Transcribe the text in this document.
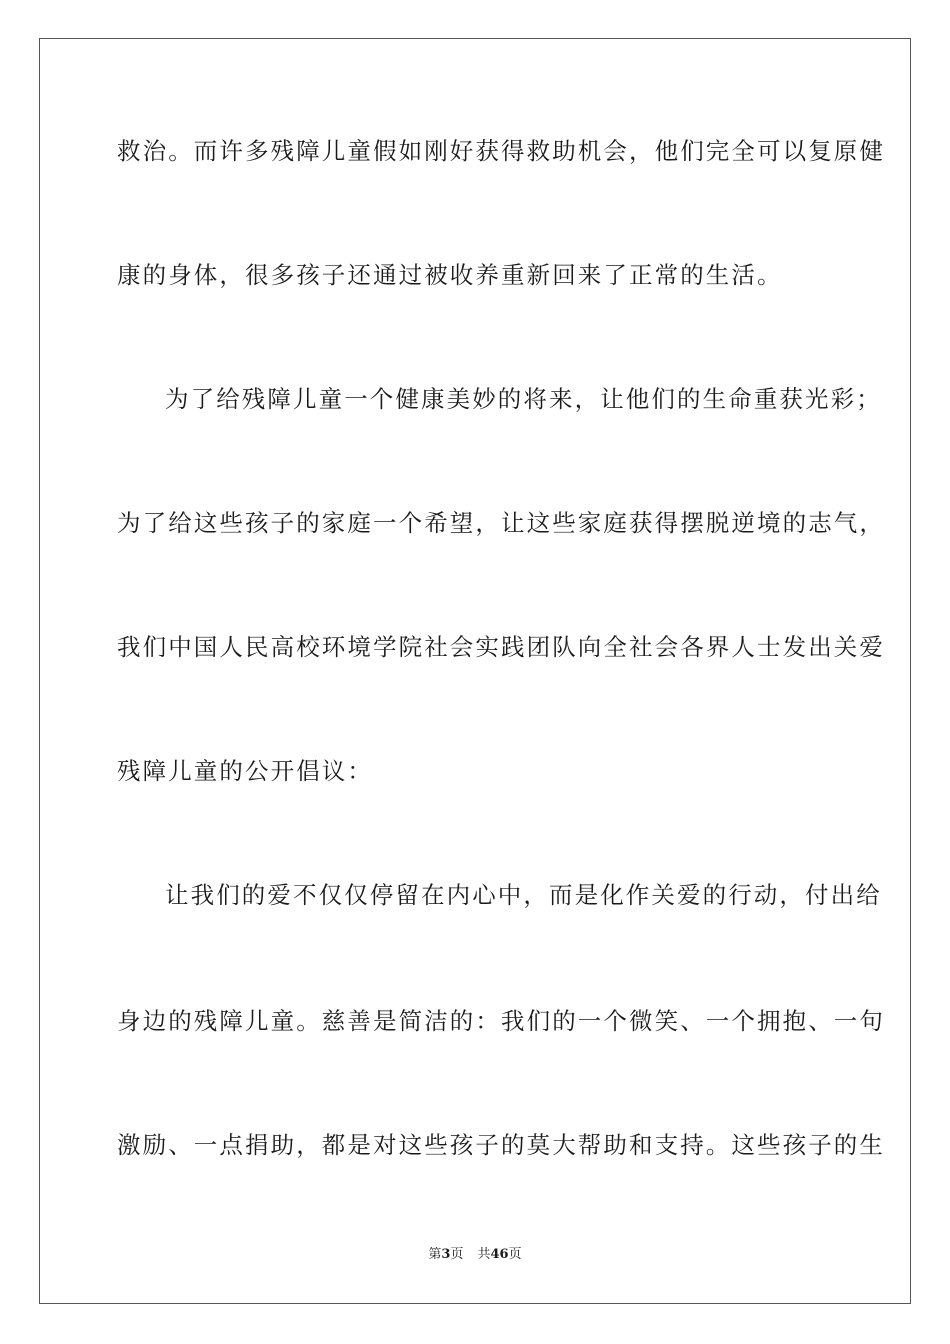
救治。而许多残障儿童假如刚好获得救助机会，他们完全可以复原健
康的身体，很多孩子还通过被收养重新回来了正常的生活。
为了给残障儿童一个健康美妙的将来，让他们的生命重获光彩；
为了给这些孩子的家庭一个希望，让这些家庭获得摆脱逆境的志气，
我们中国人民高校环境学院社会实践团队向全社会各界人士发出关爱
残障儿童的公开倡议：
让我们的爱不仅仅停留在内心中，而是化作关爱的行动，付出给
身边的残障儿童。慈善是简洁的：我们的一个微笑、一个拥抱、一句
激励、一点捐助，都是对这些孩子的莫大帮助和支持。这些孩子的生
第3页 共46页
